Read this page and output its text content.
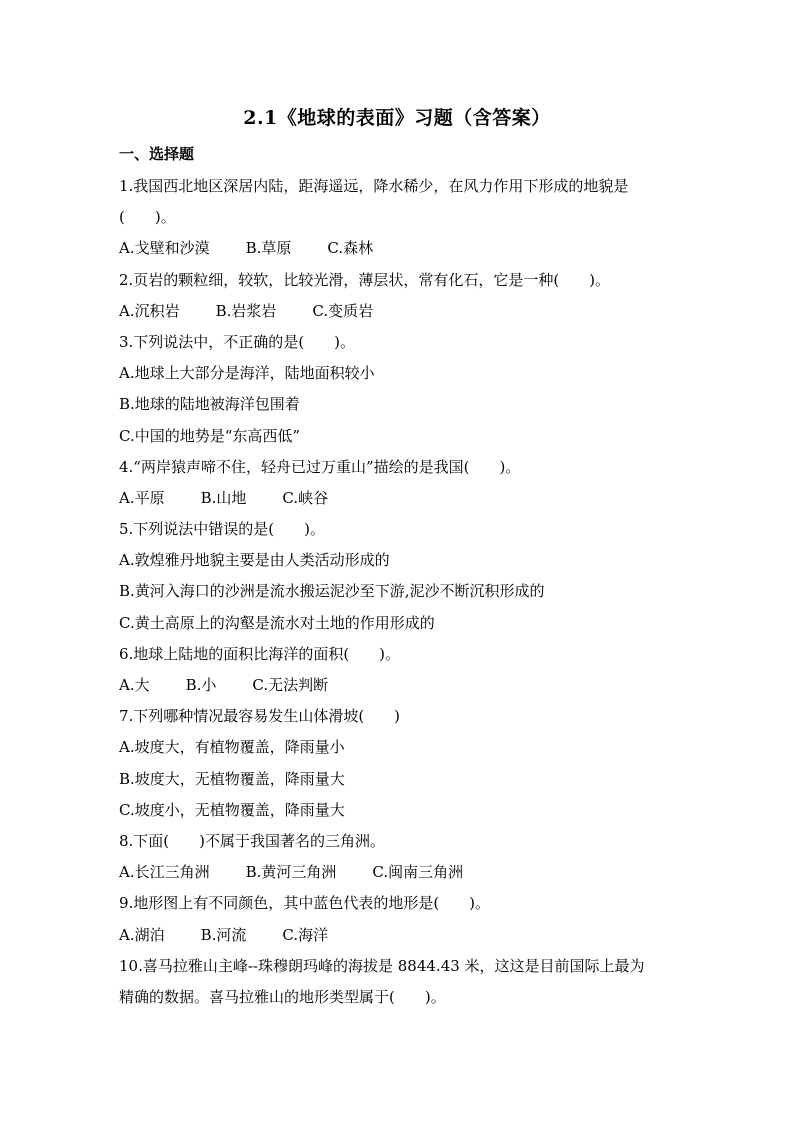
2.1《地球的表面》习题（含答案）
一、选择题
1.我国西北地区深居内陆，距海遥远，降水稀少，在风力作用下形成的地貌是
(　　)。
A.戈壁和沙漠 B.草原 C.森林
2.页岩的颗粒细，较软，比较光滑，薄层状，常有化石，它是一种(　　)。
A.沉积岩 B.岩浆岩 C.变质岩
3.下列说法中，不正确的是(　　)。
A.地球上大部分是海洋，陆地面积较小
B.地球的陆地被海洋包围着
C.中国的地势是“东高西低”
4.“两岸猿声啼不住，轻舟已过万重山”描绘的是我国(　　)。
A.平原 B.山地 C.峡谷
5.下列说法中错误的是(　　)。
A.敦煌雅丹地貌主要是由人类活动形成的
B.黄河入海口的沙洲是流水搬运泥沙至下游,泥沙不断沉积形成的
C.黄土高原上的沟壑是流水对土地的作用形成的
6.地球上陆地的面积比海洋的面积(　　)。
A.大 B.小 C.无法判断
7.下列哪种情况最容易发生山体滑坡(　　)
A.坡度大，有植物覆盖，降雨量小
B.坡度大，无植物覆盖，降雨量大
C.坡度小，无植物覆盖，降雨量大
8.下面(　　)不属于我国著名的三角洲。
A.长江三角洲 B.黄河三角洲 C.闽南三角洲
9.地形图上有不同颜色，其中蓝色代表的地形是(　　)。
A.湖泊 B.河流 C.海洋
10.喜马拉雅山主峰--珠穆朗玛峰的海拔是 8844.43 米，这这是目前国际上最为
精确的数据。喜马拉雅山的地形类型属于(　　)。
